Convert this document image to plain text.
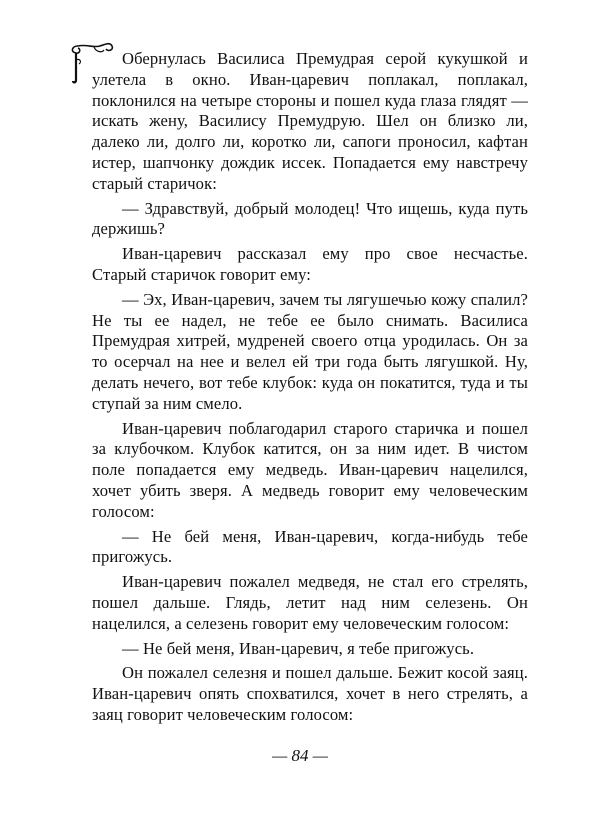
Обернулась Василиса Премудрая серой кукушкой и улетела в окно. Иван-царевич поплакал, поплакал, поклонился на четыре стороны и пошел куда глаза глядят — искать жену, Василису Премудрую. Шел он близко ли, далеко ли, долго ли, коротко ли, сапоги проносил, кафтан истер, шапчонку дождик иссек. Попадается ему навстречу старый старичок:

— Здравствуй, добрый молодец! Что ищешь, куда путь держишь?

Иван-царевич рассказал ему про свое несчастье. Старый старичок говорит ему:

— Эх, Иван-царевич, зачем ты лягушечью кожу спалил? Не ты ее надел, не тебе ее было снимать. Василиса Премудрая хитрей, мудреней своего отца уродилась. Он за то осерчал на нее и велел ей три года быть лягушкой. Ну, делать нечего, вот тебе клубок: куда он покатится, туда и ты ступай за ним смело.

Иван-царевич поблагодарил старого старичка и пошел за клубочком. Клубок катится, он за ним идет. В чистом поле попадается ему медведь. Иван-царевич нацелился, хочет убить зверя. А медведь говорит ему человеческим голосом:

— Не бей меня, Иван-царевич, когда-нибудь тебе пригожусь.

Иван-царевич пожалел медведя, не стал его стрелять, пошел дальше. Глядь, летит над ним селезень. Он нацелился, а селезень говорит ему человеческим голосом:

— Не бей меня, Иван-царевич, я тебе пригожусь.

Он пожалел селезня и пошел дальше. Бежит косой заяц. Иван-царевич опять спохватился, хочет в него стрелять, а заяц говорит человеческим голосом:

— 84 —
